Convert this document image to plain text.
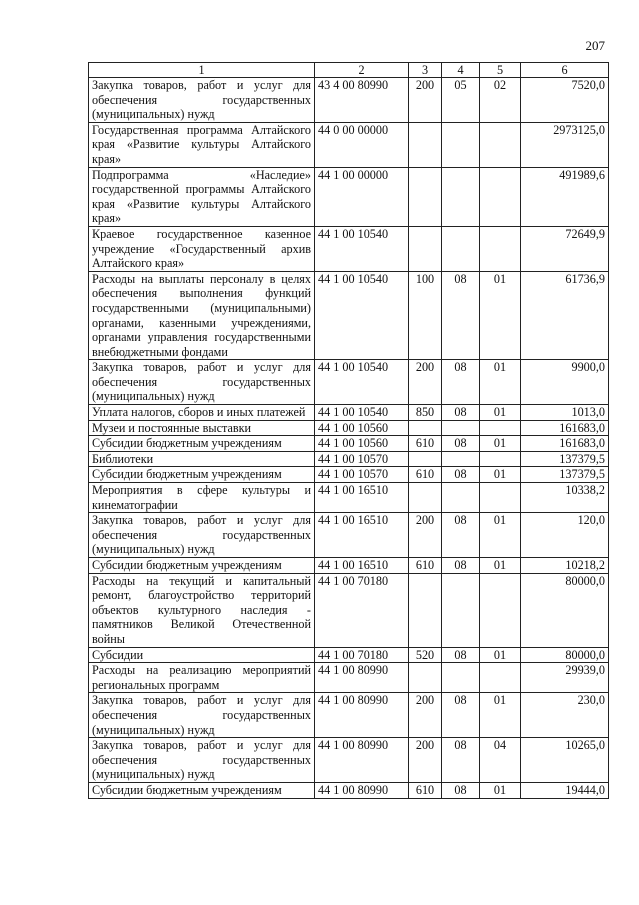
207
1	2	3	4	5	6
Закупка товаров, работ и услуг для обеспечения государственных (муниципальных) нужд	43 4 00 80990	200	05	02	7520,0
Государственная программа Алтайского края «Развитие культуры Алтайского края»	44 0 00 00000				2973125,0
Подпрограмма «Наследие» государственной программы Алтайского края «Развитие культуры Алтайского края»	44 1 00 00000				491989,6
Краевое государственное казенное учреждение «Государственный архив Алтайского края»	44 1 00 10540				72649,9
Расходы на выплаты персоналу в целях обеспечения выполнения функций государственными (муниципальными) органами, казенными учреждениями, органами управления государственными внебюджетными фондами	44 1 00 10540	100	08	01	61736,9
Закупка товаров, работ и услуг для обеспечения государственных (муниципальных) нужд	44 1 00 10540	200	08	01	9900,0
Уплата налогов, сборов и иных платежей	44 1 00 10540	850	08	01	1013,0
Музеи и постоянные выставки	44 1 00 10560				161683,0
Субсидии бюджетным учреждениям	44 1 00 10560	610	08	01	161683,0
Библиотеки	44 1 00 10570				137379,5
Субсидии бюджетным учреждениям	44 1 00 10570	610	08	01	137379,5
Мероприятия в сфере культуры и кинематографии	44 1 00 16510				10338,2
Закупка товаров, работ и услуг для обеспечения государственных (муниципальных) нужд	44 1 00 16510	200	08	01	120,0
Субсидии бюджетным учреждениям	44 1 00 16510	610	08	01	10218,2
Расходы на текущий и капитальный ремонт, благоустройство территорий объектов культурного наследия - памятников Великой Отечественной войны	44 1 00 70180				80000,0
Субсидии	44 1 00 70180	520	08	01	80000,0
Расходы на реализацию мероприятий региональных программ	44 1 00 80990				29939,0
Закупка товаров, работ и услуг для обеспечения государственных (муниципальных) нужд	44 1 00 80990	200	08	01	230,0
Закупка товаров, работ и услуг для обеспечения государственных (муниципальных) нужд	44 1 00 80990	200	08	04	10265,0
Субсидии бюджетным учреждениям	44 1 00 80990	610	08	01	19444,0
